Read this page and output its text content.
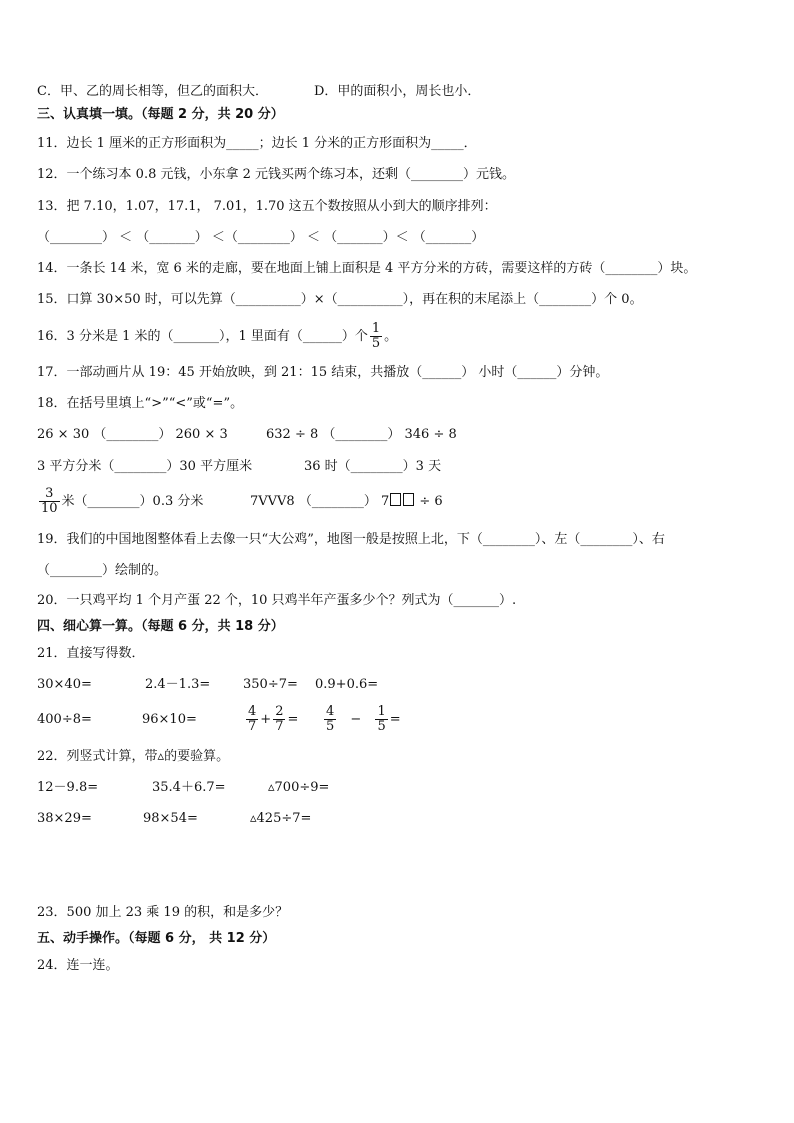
C．甲、乙的周长相等，但乙的面积大．	D．甲的面积小，周长也小．
三、认真填一填。（每题 2 分，共 20 分）
11．边长 1 厘米的正方形面积为_____；边长 1 分米的正方形面积为_____．
12．一个练习本 0.8 元钱，小东拿 2 元钱买两个练习本，还剩（________）元钱。
13．把 7.10，1.07，17.1， 7.01，1.70 这五个数按照从小到大的顺序排列：
（________） ＜ （_______） ＜（________） ＜ （_______）＜ （_______）
14．一条长 14 米，宽 6 米的走廊，要在地面上铺上面积是 4 平方分米的方砖，需要这样的方砖（________）块。
15．口算 30×50 时，可以先算（__________）×（__________），再在积的末尾添上（________）个 0。
16．3 分米是 1 米的（_______），1 里面有（______）个 $\frac{1}{5}$ 。
17．一部动画片从 19：45 开始放映，到 21：15 结束，共播放（______） 小时（______）分钟。
18．在括号里填上“>”“<”或“=”。
26 × 30 （________） 260 × 3	632 ÷ 8 （________） 346 ÷ 8
3 平方分米（________）30 平方厘米	36 时（________）3 天
$\frac{3}{10}$ 米（________）0.3 分米	7VVV8 （________） 7 ÷ 6
19．我们的中国地图整体看上去像一只“大公鸡”，地图一般是按照上北，下（________）、左（________）、右
（________）绘制的。
20．一只鸡平均 1 个月产蛋 22 个，10 只鸡半年产蛋多少个？列式为（_______）.
四、细心算一算。（每题 6 分，共 18 分）
21．直接写得数．
30×40=	2.4－1.3=	350÷7= 0.9+0.6=
400÷8=	96×10=	$\frac{4}{7} + \frac{2}{7} = \frac{4}{5} - \frac{1}{5}$ =
22．列竖式计算，带▵的要验算。
12－9.8=	35.4＋6.7=	▵700÷9=
38×29=	98×54=	▵425÷7=
23．500 加上 23 乘 19 的积，和是多少？
五、动手操作。（每题 6 分， 共 12 分）
24．连一连。
